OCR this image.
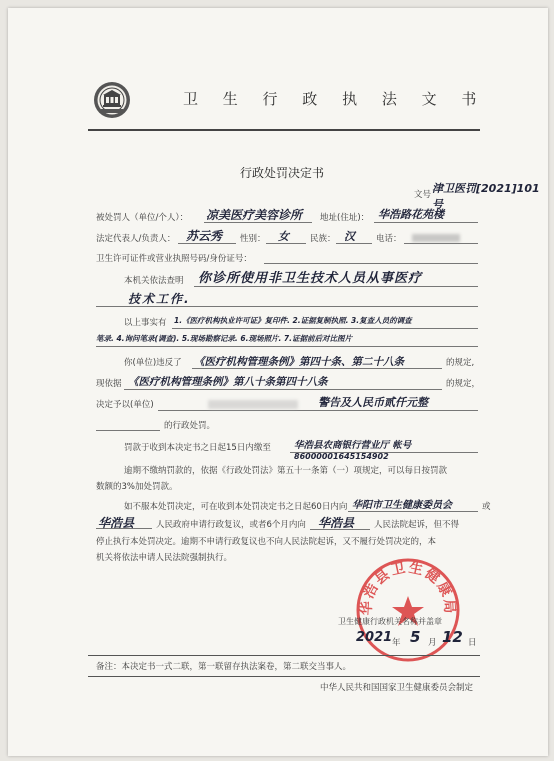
卫 生 行 政 执 法 文 书
行政处罚决定书
文号 津卫医罚[2021]101号
被处罚人（单位/个人）： 凉美医疗美容诊所 地址(住址)： 华浩路花苑楼
法定代表人/负责人： 苏云秀 性别： 女 民族： 汉 电话：
卫生许可证件或营业执照号码/身份证号：
本机关依法查明 你诊所使用非卫生技术人员从事医疗
技术工作.
以上事实有 1.《医疗机构执业许可证》复印件. 2.证据复制执照. 3.复查人员的调查
笔录. 4.询问笔录(调查). 5.现场勘察记录. 6.现场照片. 7.证据前后对比图片
你(单位)违反了 《医疗机构管理条例》第四十条、第二十八条	的规定,
现依据 《医疗机构管理条例》第八十条第四十八条	的规定，
决定予以(单位)	警告及人民币贰仟元整
的行政处罚。
罚款于收到本决定书之日起15日内缴至 华浩县农商银行营业厅 帐号
86000001645154902
逾期不缴纳罚款的，依据《行政处罚法》第五十一条第（一）项规定，可以每日按罚款
数额的3%加处罚款。
如不服本处罚决定，可在收到本处罚决定书之日起60日内向 华阳市卫生健康委员会	或
华浩县	人民政府申请行政复议，或者6个月内向 华浩县 人民法院起诉，但不得
停止执行本处罚决定。逾期不申请行政复议也不向人民法院起诉，又不履行处罚决定的，本
机关将依法申请人民法院强制执行。
华浩县卫生健康局
卫生健康行政机关名称并盖章
2021 年 5 月 12 日
备注：本决定书一式二联，第一联留存执法案卷，第二联交当事人。
中华人民共和国国家卫生健康委员会制定
